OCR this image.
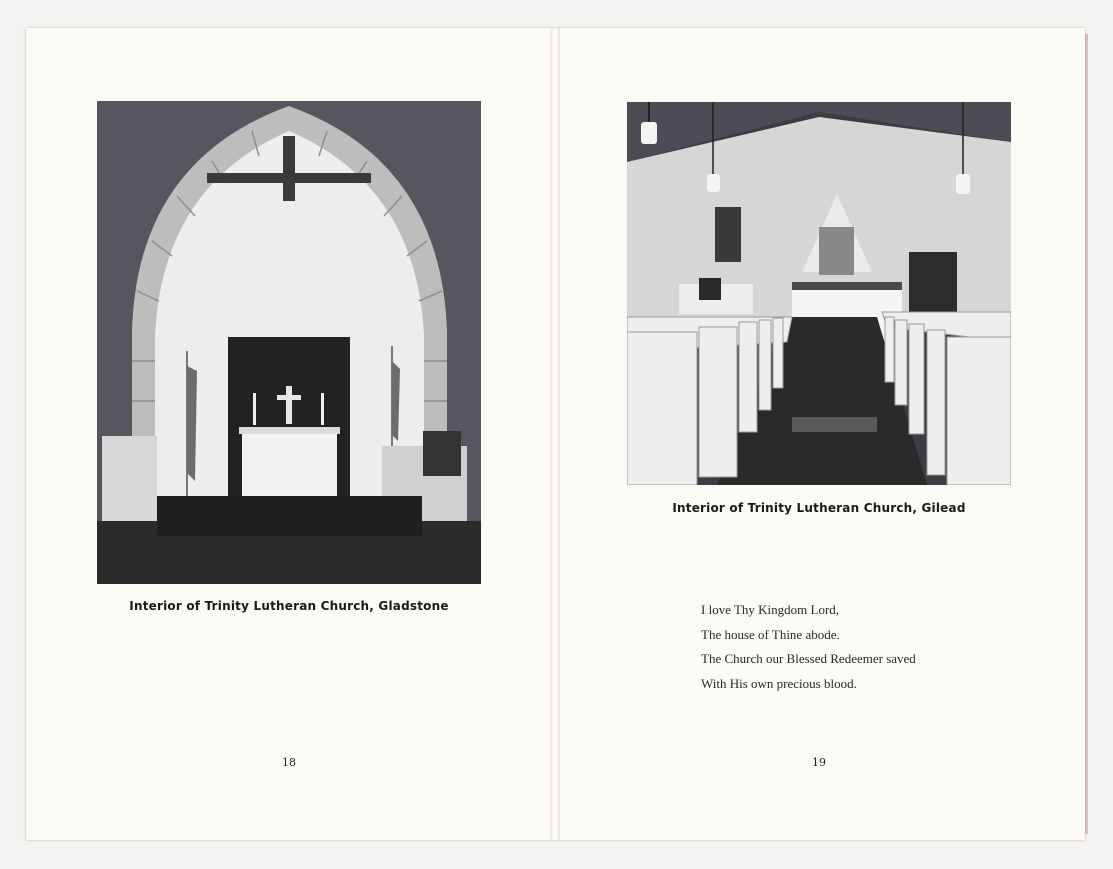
Interior of Trinity Lutheran Church, Gladstone
Interior of Trinity Lutheran Church, Gilead
I love Thy Kingdom Lord,
The house of Thine abode.
The Church our Blessed Redeemer saved
With His own precious blood.
18	19
